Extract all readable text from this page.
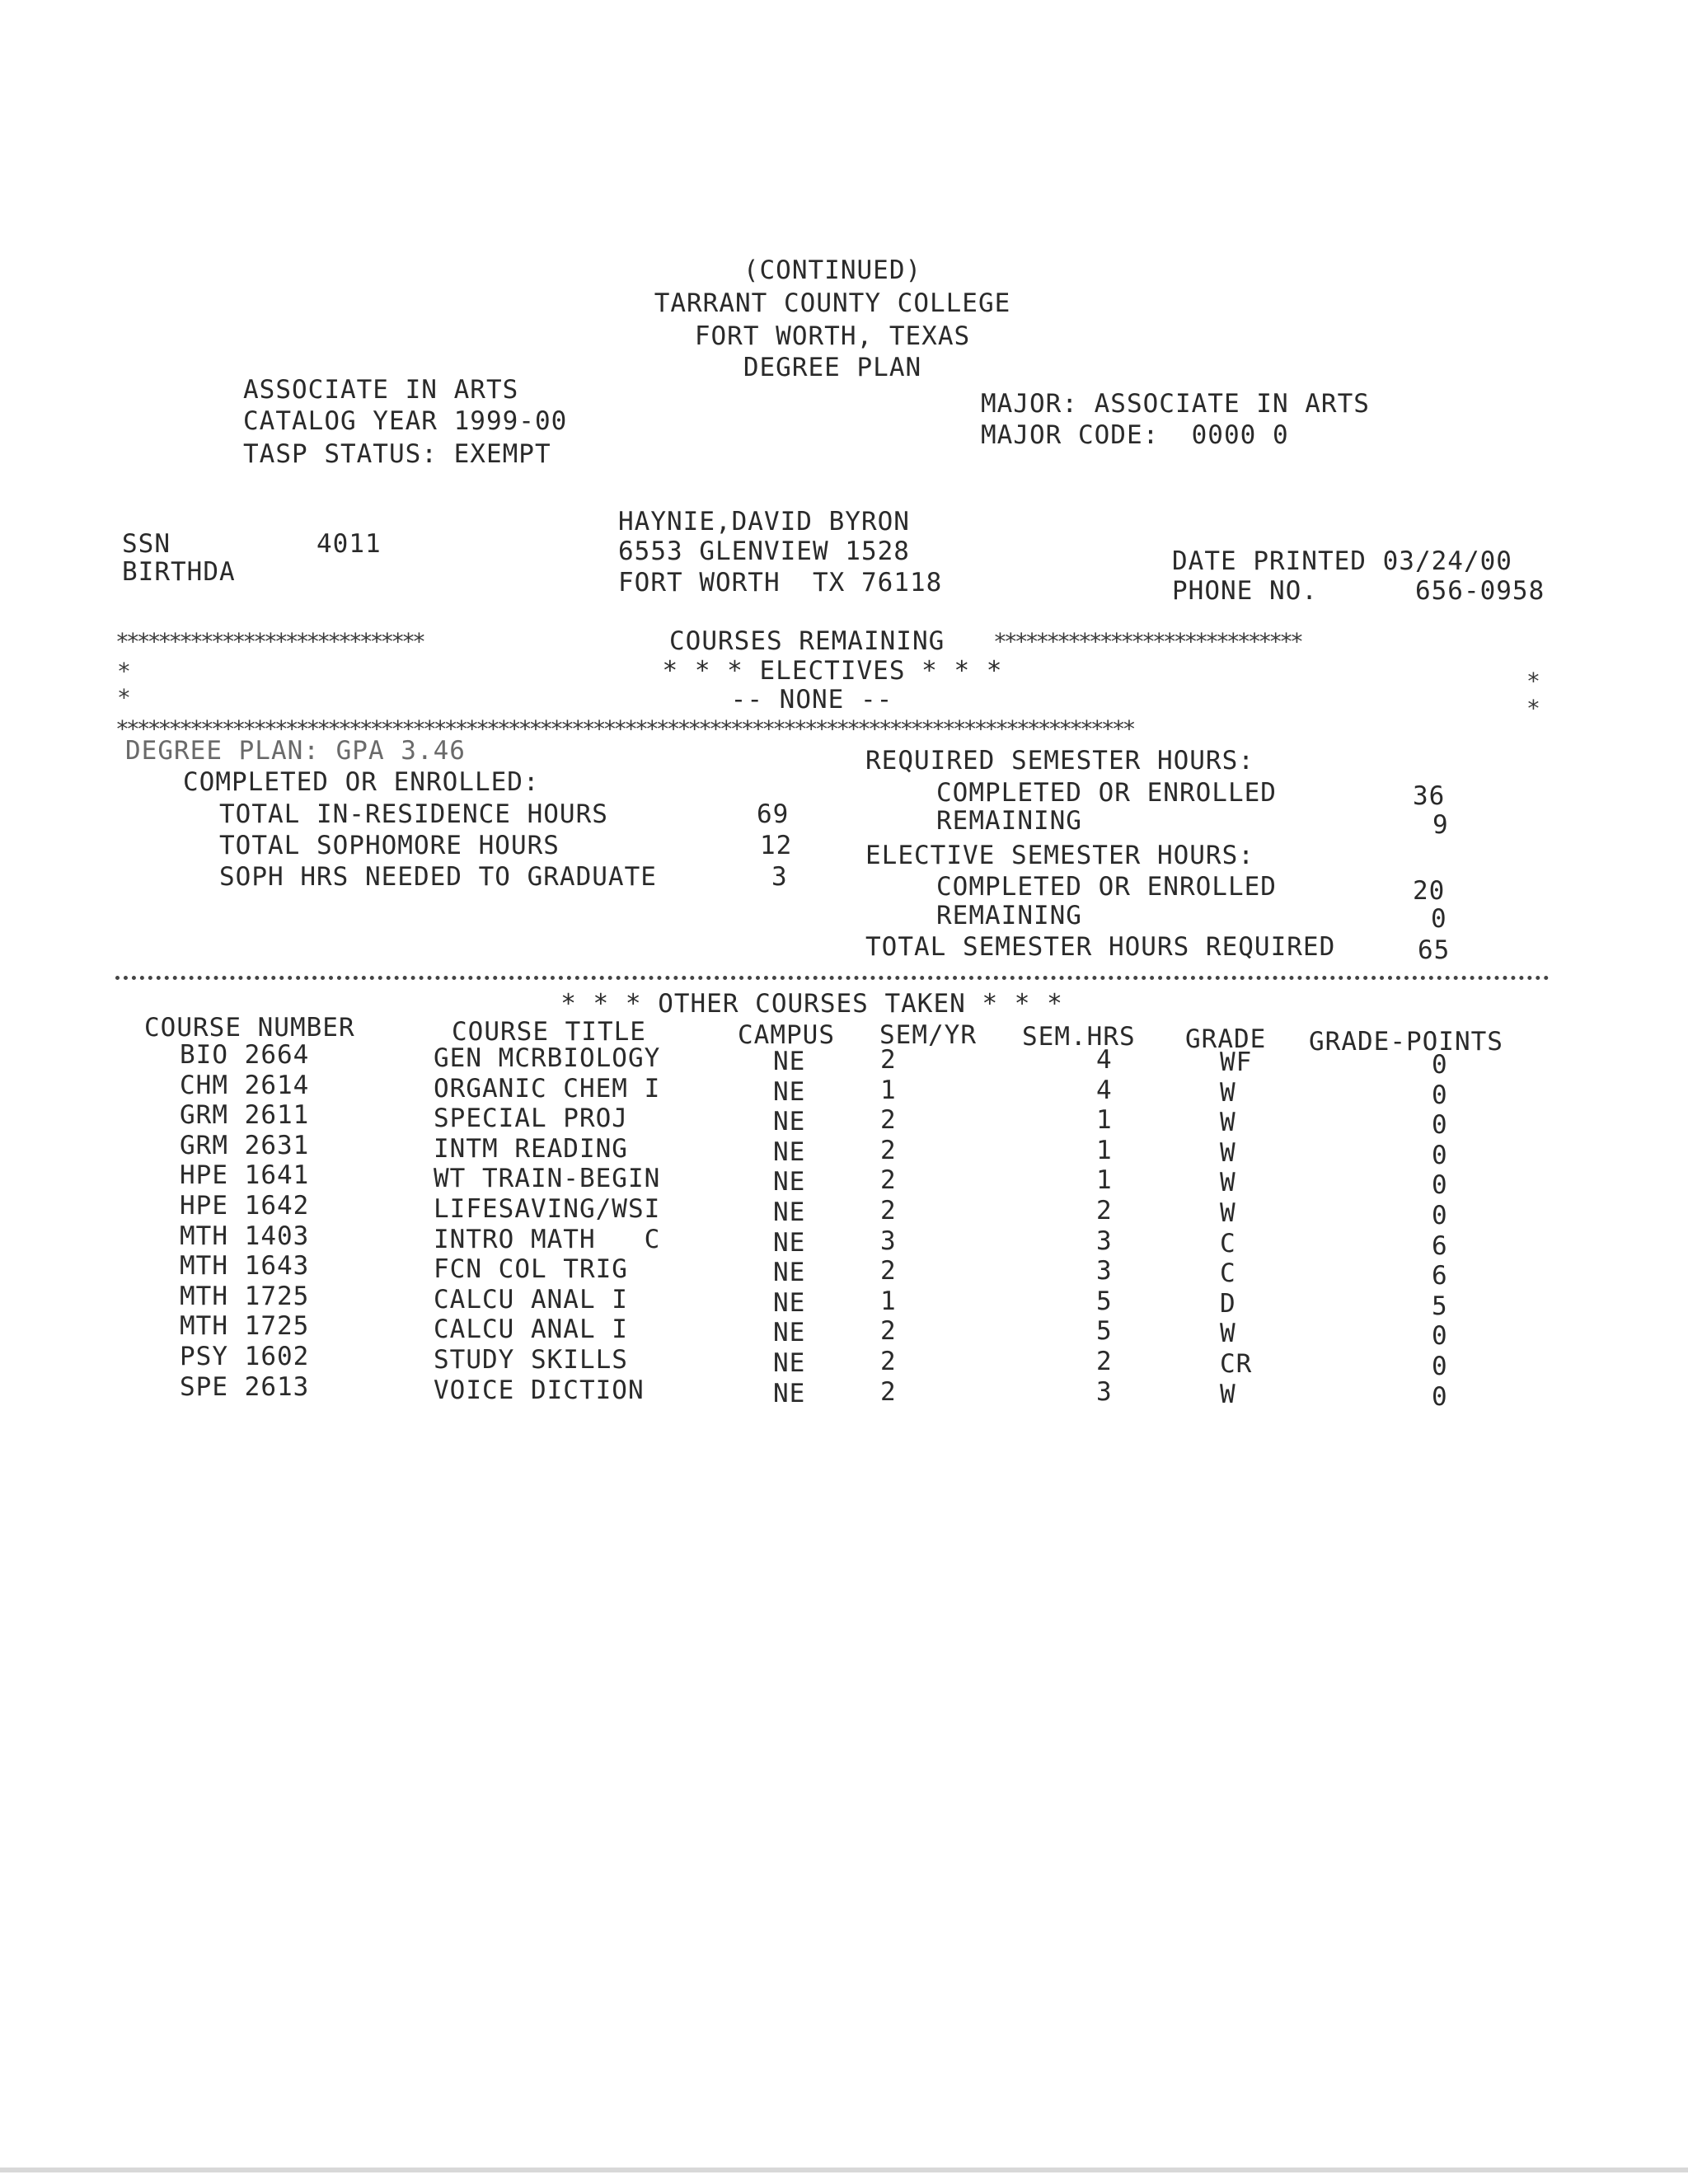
(CONTINUED)
TARRANT COUNTY COLLEGE
FORT WORTH, TEXAS
DEGREE PLAN
ASSOCIATE IN ARTS
CATALOG YEAR 1999-00
TASP STATUS: EXEMPT
MAJOR: ASSOCIATE IN ARTS
MAJOR CODE:  0000 0
SSN	4011
BIRTHDA
HAYNIE,DAVID BYRON
6553 GLENVIEW 1528
FORT WORTH  TX 76118
DATE PRINTED 03/24/00
PHONE NO.      656-0958
*****************************	COURSES REMAINING *****************************
*
*
* * * ELECTIVES * * *
-- NONE --
*
*
************************************************************************************************
DEGREE PLAN: GPA 3.46
COMPLETED OR ENROLLED:
TOTAL IN-RESIDENCE HOURS	69
TOTAL SOPHOMORE HOURS	12
SOPH HRS NEEDED TO GRADUATE	3
REQUIRED SEMESTER HOURS:
COMPLETED OR ENROLLED	36
REMAINING	9
ELECTIVE SEMESTER HOURS:
COMPLETED OR ENROLLED	20
REMAINING	0
TOTAL SEMESTER HOURS REQUIRED	65
* * * OTHER COURSES TAKEN * * *
COURSE NUMBER	COURSE TITLE	CAMPUS SEM/YR SEM.HRS GRADE GRADE-POINTS
BIO 2664	GEN MCRBIOLOGY	NE	2	4	WF	0
CHM 2614	ORGANIC CHEM I	NE	1	4	W	0
GRM 2611	SPECIAL PROJ	NE	2	1	W	0
GRM 2631	INTM READING	NE	2	1	W	0
HPE 1641	WT TRAIN-BEGIN	NE	2	1	W	0
HPE 1642	LIFESAVING/WSI	NE	2	2	W	0
MTH 1403	INTRO MATH   C	NE	3	3	C	6
MTH 1643	FCN COL TRIG	NE	2	3	C	6
MTH 1725	CALCU ANAL I	NE	1	5	D	5
MTH 1725	CALCU ANAL I	NE	2	5	W	0
PSY 1602	STUDY SKILLS	NE	2	2	CR	0
SPE 2613	VOICE DICTION	NE	2	3	W	0
